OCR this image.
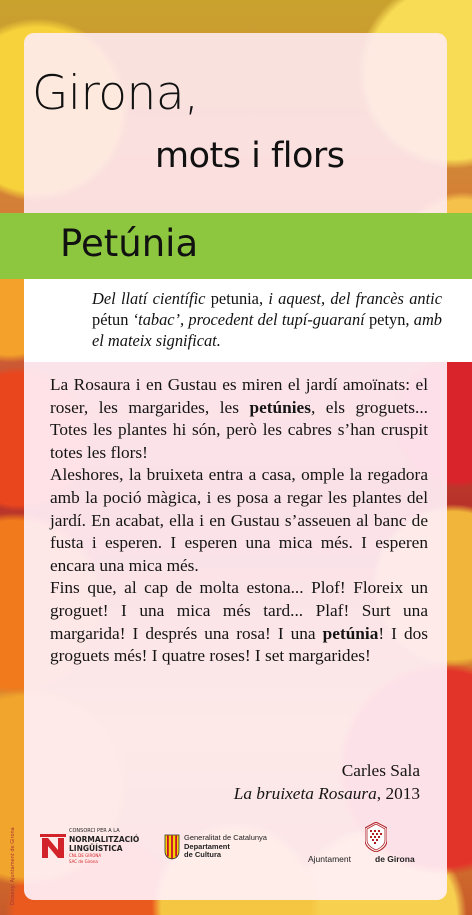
Girona,
mots i flors
Petúnia
Del llatí científic petunia, i aquest, del francès antic pétun ‘tabac’, procedent del tupí-guaraní petyn, amb el mateix significat.

La Rosaura i en Gustau es miren el jardí amoïnats: el roser, les margarides, les petúnies, els groguets... Totes les plantes hi són, però les cabres s’han cruspit totes les flors!

Aleshores, la bruixeta entra a casa, omple la regadora amb la poció màgica, i es posa a regar les plantes del jardí. En acabat, ella i en Gustau s’asseuen al banc de fusta i esperen. I esperen una mica més. I esperen encara una mica més.

Fins que, al cap de molta estona... Plof! Floreix un groguet! I una mica més tard... Plaf! Surt una margarida! I després una rosa! I una petúnia! I dos groguets més! I quatre roses! I set margarides!

Carles Sala
La bruixeta Rosaura, 2013
Disseny: Ajuntament de Girona	CONSORCI PER A LA
NORMALITZACIÓ
LINGÜÍSTICA
CNL DE GIRONA
SAC de Girona
Generalitat de Catalunya
Departament
de Cultura	Ajuntament	de Girona
